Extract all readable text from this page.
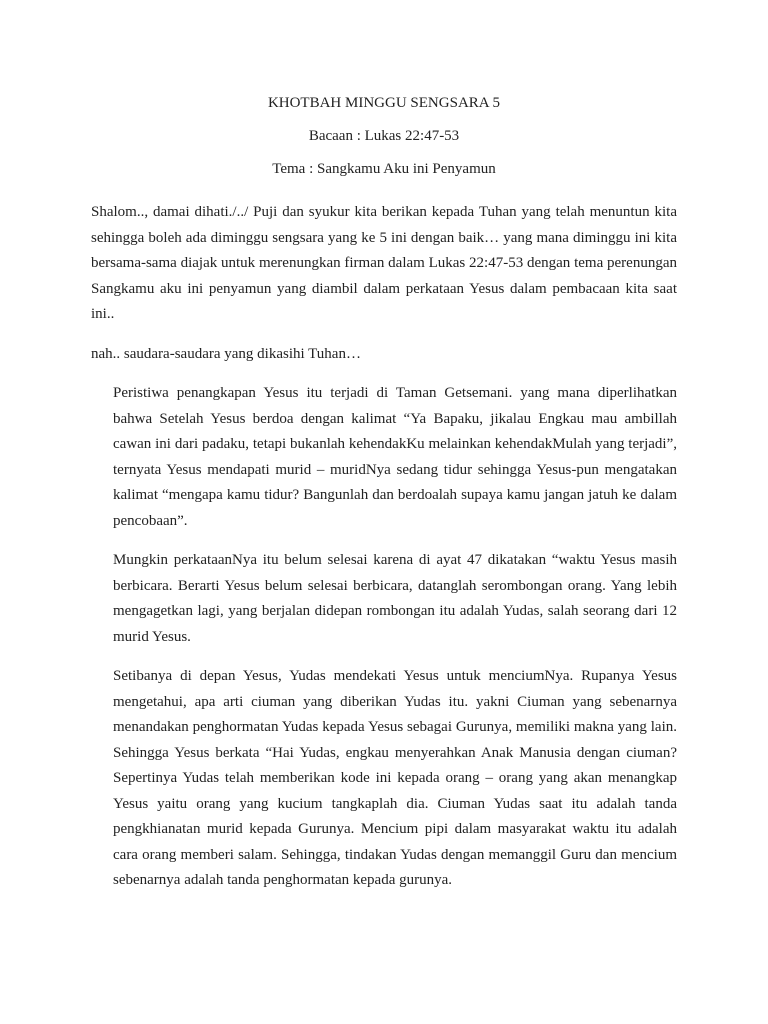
KHOTBAH MINGGU SENGSARA 5
Bacaan : Lukas 22:47-53
Tema : Sangkamu Aku ini Penyamun

Shalom.., damai dihati./../ Puji dan syukur kita berikan kepada Tuhan yang telah menuntun kita sehingga boleh ada diminggu sengsara yang ke 5 ini dengan baik… yang mana diminggu ini kita bersama-sama diajak untuk merenungkan firman dalam Lukas 22:47-53 dengan tema perenungan Sangkamu aku ini penyamun yang diambil dalam perkataan Yesus dalam pembacaan kita saat ini..

nah.. saudara-saudara yang dikasihi Tuhan…

Peristiwa penangkapan Yesus itu terjadi di Taman Getsemani. yang mana diperlihatkan bahwa Setelah Yesus berdoa dengan kalimat “Ya Bapaku, jikalau Engkau mau ambillah cawan ini dari padaku, tetapi bukanlah kehendakKu melainkan kehendakMulah yang terjadi”, ternyata Yesus mendapati murid – muridNya sedang tidur sehingga Yesus-pun mengatakan kalimat “mengapa kamu tidur? Bangunlah dan berdoalah supaya kamu jangan jatuh ke dalam pencobaan”.

Mungkin perkataanNya itu belum selesai karena di ayat 47 dikatakan “waktu Yesus masih berbicara. Berarti Yesus belum selesai berbicara, datanglah serombongan orang. Yang lebih mengagetkan lagi, yang berjalan didepan rombongan itu adalah Yudas, salah seorang dari 12 murid Yesus.

Setibanya di depan Yesus, Yudas mendekati Yesus untuk menciumNya. Rupanya Yesus mengetahui, apa arti ciuman yang diberikan Yudas itu. yakni Ciuman yang sebenarnya menandakan penghormatan Yudas kepada Yesus sebagai Gurunya, memiliki makna yang lain. Sehingga Yesus berkata “Hai Yudas, engkau menyerahkan Anak Manusia dengan ciuman? Sepertinya Yudas telah memberikan kode ini kepada orang – orang yang akan menangkap Yesus yaitu orang yang kucium tangkaplah dia. Ciuman Yudas saat itu adalah tanda pengkhianatan murid kepada Gurunya. Mencium pipi dalam masyarakat waktu itu adalah cara orang memberi salam. Sehingga, tindakan Yudas dengan memanggil Guru dan mencium sebenarnya adalah tanda penghormatan kepada gurunya.
